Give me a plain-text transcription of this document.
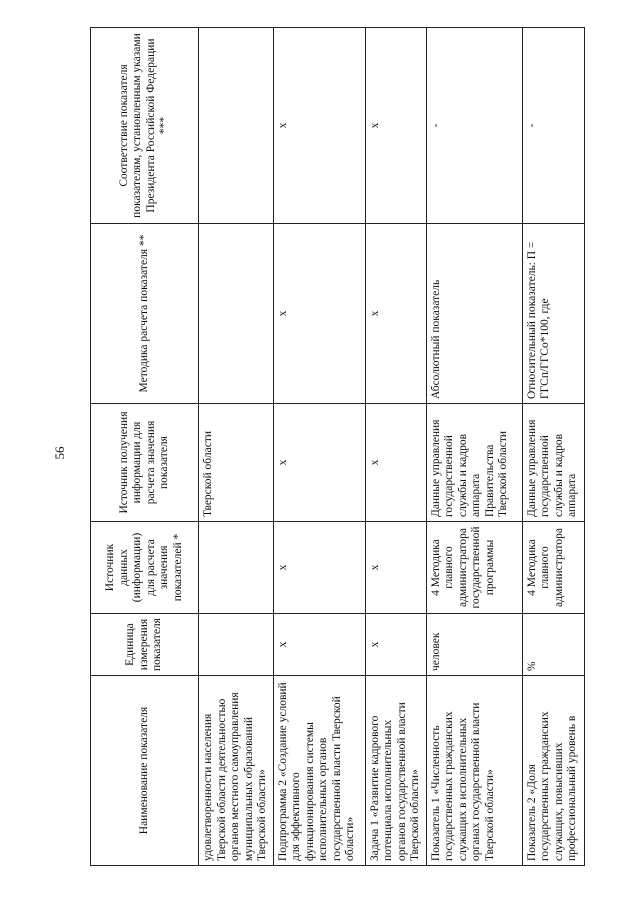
56
Наименование показателя	Единица измерения показателя	Источник данных (информации) для расчета значения показателей *	Источник получения информации для расчета значения показателя	Методика расчета показателя **	Соответствие показателя показателям, установленным указами Президента Российской Федерации ***
удовлетворенности населения Тверской области деятельностью органов местного самоуправления муниципальных образований Тверской области»			Тверской области		
Подпрограмма 2 «Создание условий для эффективного функционирования системы исполнительных органов государственной власти Тверской области»	x	x	x	x	x
Задача 1 «Развитие кадрового потенциала исполнительных органов государственной власти Тверской области»	x	x	x	x	x
Показатель 1 «Численность государственных гражданских служащих в исполнительных органах государственной власти Тверской области»	человек	4 Методика главного администратора государственной программы	Данные управления государственной службы и кадров аппарата Правительства Тверской области	Абсолютный показатель	-
Показатель 2 «Доля государственных гражданских служащих, повысивших профессиональный уровень в	%	4 Методика главного администратора	Данные управления государственной службы и кадров аппарата	Относительный показатель: П = ГГСп/ГГСо*100, где	-
